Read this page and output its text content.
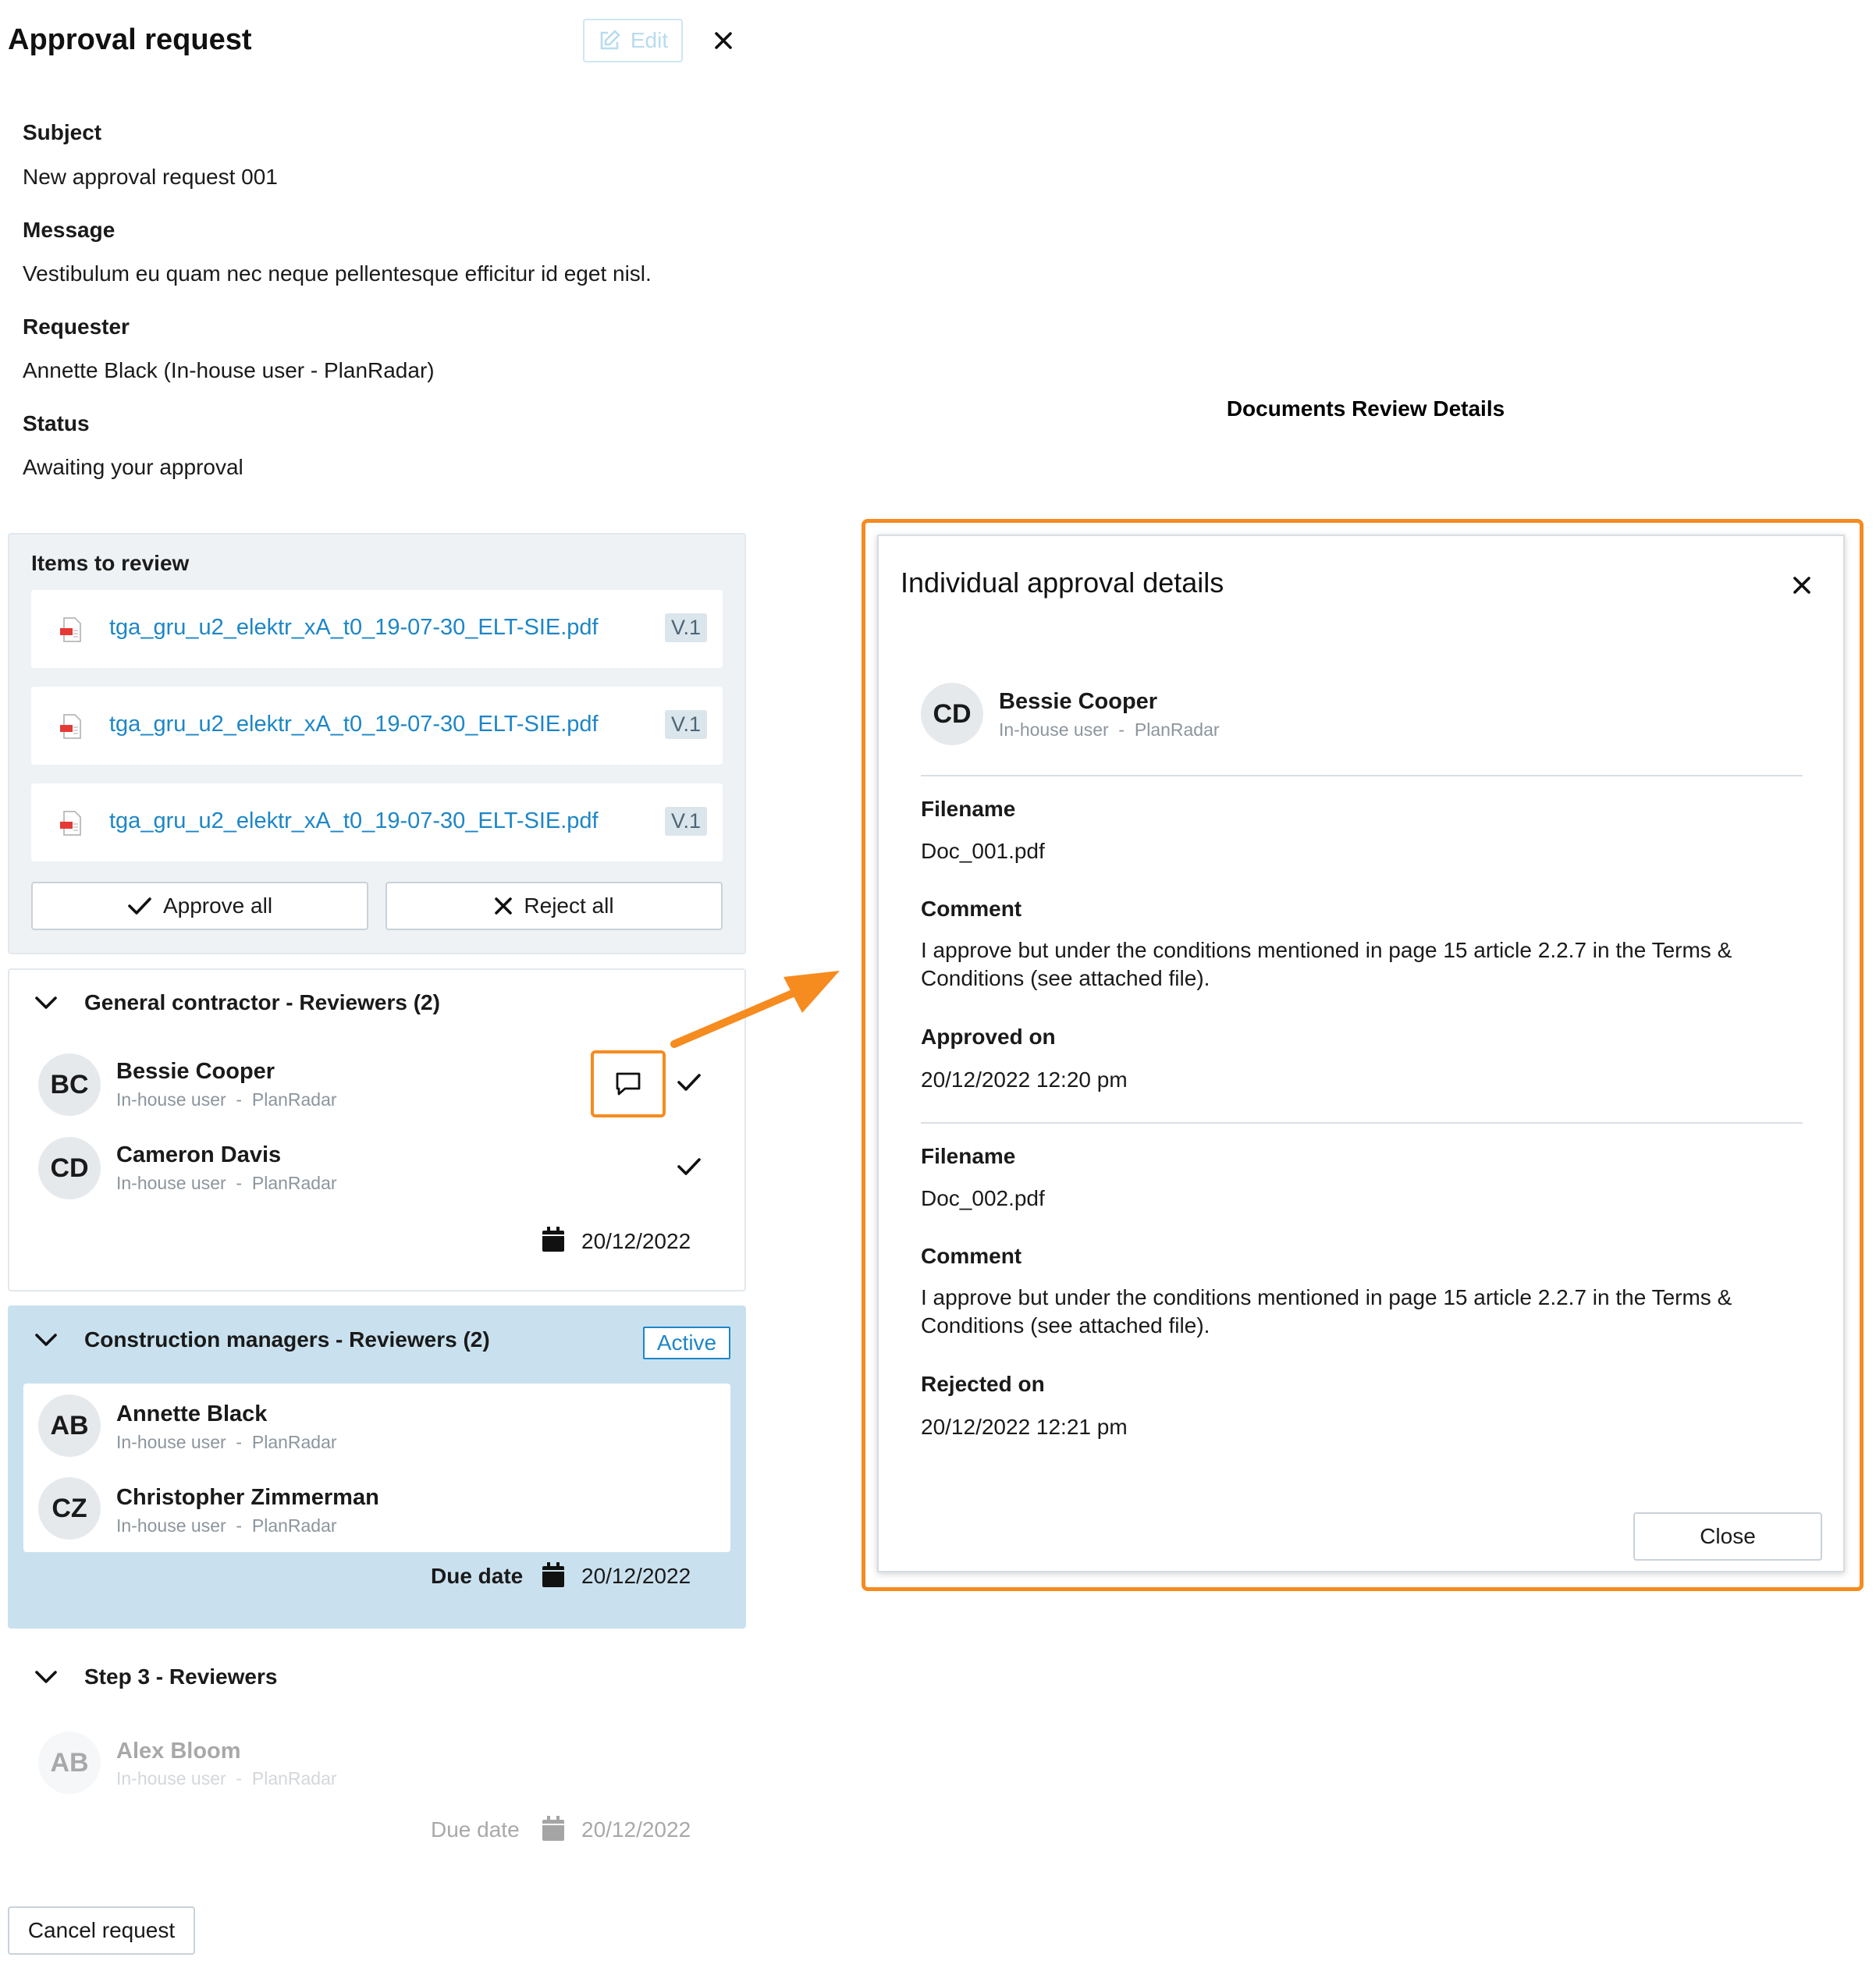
Approval request	Edit
Subject
New approval request 001
Message
Vestibulum eu quam nec neque pellentesque efficitur id eget nisl.
Requester
Annette Black (In-house user - PlanRadar)
Status
Awaiting your approval
Items to review
tga_gru_u2_elektr_xA_t0_19-07-30_ELT-SIE.pdf	V.1
tga_gru_u2_elektr_xA_t0_19-07-30_ELT-SIE.pdf	V.1
tga_gru_u2_elektr_xA_t0_19-07-30_ELT-SIE.pdf	V.1
Approve all	Reject all
General contractor - Reviewers (2)
BC	Bessie Cooper
In-house user - PlanRadar
CD	Cameron Davis
In-house user - PlanRadar
20/12/2022
Construction managers - Reviewers (2)	Active
AB	Annette Black
In-house user - PlanRadar
CZ	Christopher Zimmerman
In-house user - PlanRadar
Due date	20/12/2022
Step 3 - Reviewers
AB	Alex Bloom
In-house user - PlanRadar
Due date	20/12/2022
Cancel request
Documents Review Details
Individual approval details
CD	Bessie Cooper
In-house user - PlanRadar
Filename
Doc_001.pdf
Comment
I approve but under the conditions mentioned in page 15 article 2.2.7 in the Terms & Conditions (see attached file).
Approved on
20/12/2022 12:20 pm
Filename
Doc_002.pdf
Comment
I approve but under the conditions mentioned in page 15 article 2.2.7 in the Terms & Conditions (see attached file).
Rejected on
20/12/2022 12:21 pm
Close
